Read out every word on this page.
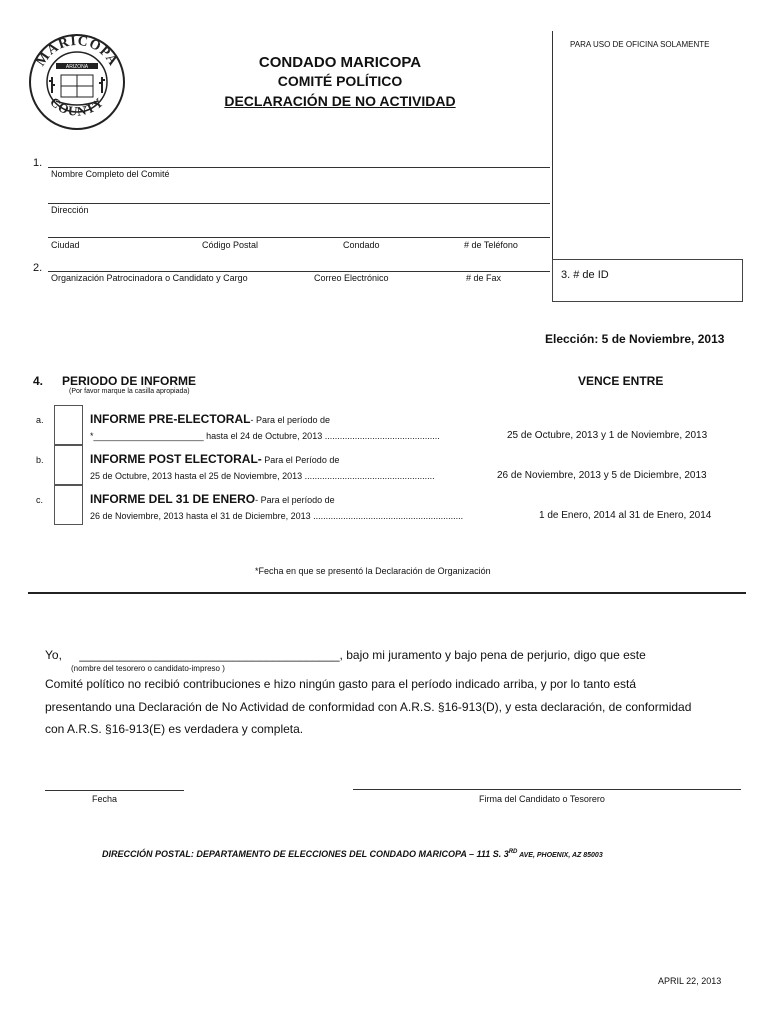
PARA USO DE OFICINA SOLAMENTE
MARICOPA
COUNTY
ARIZONA	CONDADO MARICOPA
COMITÉ POLÍTICO
DECLARACIÓN DE NO ACTIVIDAD
1.
Nombre Completo del Comité
Dirección
Ciudad	Código Postal	Condado	# de Teléfono
2.
Organización Patrocinadora o Candidato y Cargo	Correo Electrónico	# de Fax	3. # de ID
Elección: 5 de Noviembre, 2013
4. PERIODO DE INFORME
(Por favor marque la casilla apropiada)
VENCE ENTRE
a.	INFORME PRE-ELECTORAL- Para el período de
*______________________ hasta el 24 de Octubre, 2013 ..............................................	25 de Octubre, 2013 y 1 de Noviembre, 2013
b.	INFORME POST ELECTORAL- Para el Período de
25 de Octubre, 2013 hasta el 25 de Noviembre, 2013 ....................................................	26 de Noviembre, 2013 y 5 de Diciembre, 2013
c.	INFORME DEL 31 DE ENERO- Para el período de
26 de Noviembre, 2013 hasta el 31 de Diciembre, 2013 ............................................................	1 de Enero, 2014 al 31 de Enero, 2014
*Fecha en que se presentó la Declaración de Organización
Yo, _______________________________________, bajo mi juramento y bajo pena de perjurio, digo que este
(nombre del tesorero o candidato-impreso )
Comité político no recibió contribuciones e hizo ningún gasto para el período indicado arriba, y por lo tanto está
presentando una Declaración de No Actividad de conformidad con A.R.S. §16-913(D), y esta declaración, de conformidad
con A.R.S. §16-913(E) es verdadera y completa.
Fecha	Firma del Candidato o Tesorero
DIRECCIÓN POSTAL: DEPARTAMENTO DE ELECCIONES DEL CONDADO MARICOPA – 111 S. 3RD AVE, PHOENIX, AZ 85003
APRIL 22, 2013
